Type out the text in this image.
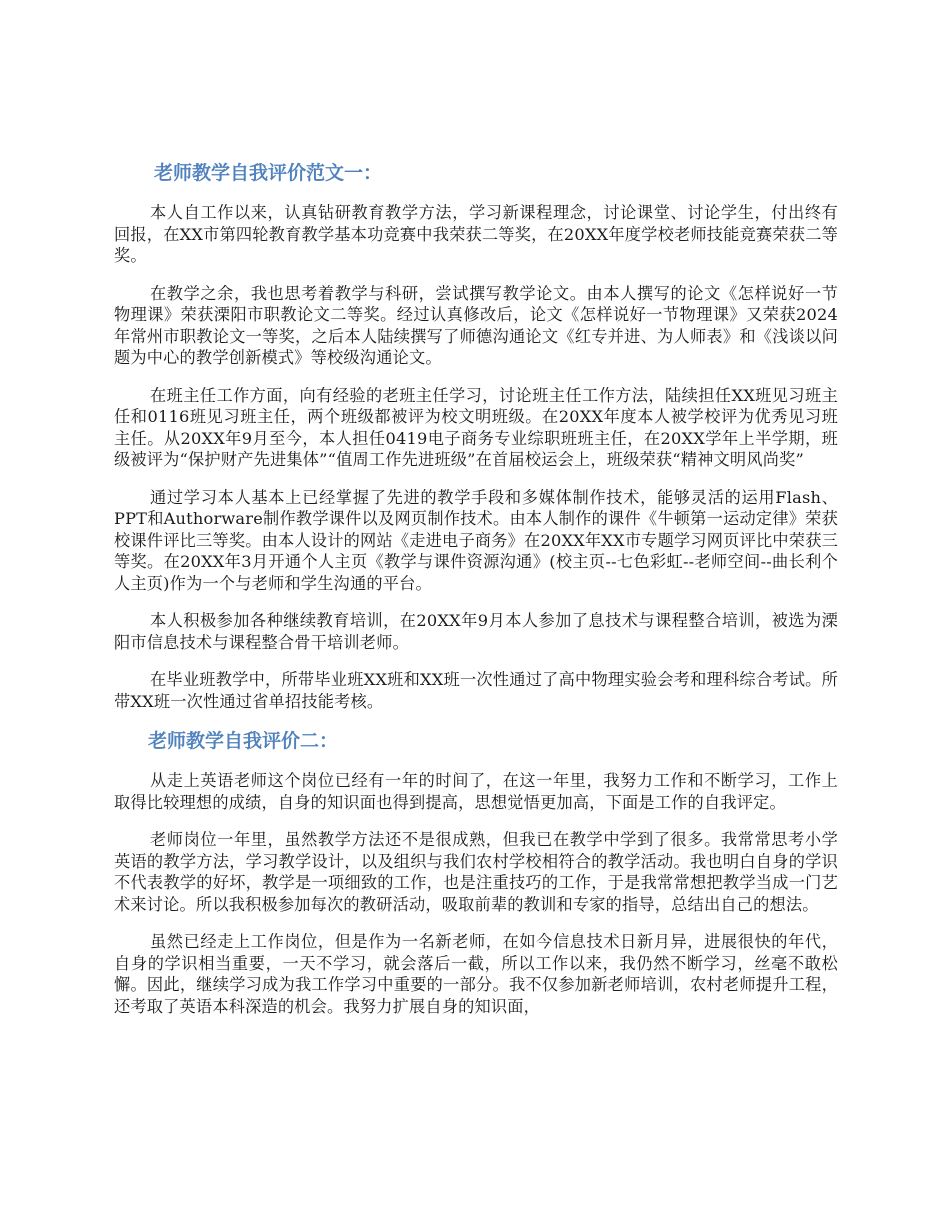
老师教学自我评价范文一：

本人自工作以来，认真钻研教育教学方法，学习新课程理念，讨论课堂、讨论学生，付出终有回报，在XX市第四轮教育教学基本功竞赛中我荣获二等奖，在20XX年度学校老师技能竞赛荣获二等奖。

在教学之余，我也思考着教学与科研，尝试撰写教学论文。由本人撰写的论文《怎样说好一节物理课》荣获溧阳市职教论文二等奖。经过认真修改后，论文《怎样说好一节物理课》又荣获2024年常州市职教论文一等奖，之后本人陆续撰写了师德沟通论文《红专并进、为人师表》和《浅谈以问题为中心的教学创新模式》等校级沟通论文。

在班主任工作方面，向有经验的老班主任学习，讨论班主任工作方法，陆续担任XX班见习班主任和0116班见习班主任，两个班级都被评为校文明班级。在20XX年度本人被学校评为优秀见习班主任。从20XX年9月至今，本人担任0419电子商务专业综职班班主任，在20XX学年上半学期，班级被评为“保护财产先进集体”“值周工作先进班级”在首届校运会上，班级荣获“精神文明风尚奖”

通过学习本人基本上已经掌握了先进的教学手段和多媒体制作技术，能够灵活的运用Flash、PPT和Authorware制作教学课件以及网页制作技术。由本人制作的课件《牛顿第一运动定律》荣获校课件评比三等奖。由本人设计的网站《走进电子商务》在20XX年XX市专题学习网页评比中荣获三等奖。在20XX年3月开通个人主页《教学与课件资源沟通》(校主页--七色彩虹--老师空间--曲长利个人主页)作为一个与老师和学生沟通的平台。

本人积极参加各种继续教育培训，在20XX年9月本人参加了息技术与课程整合培训，被选为溧阳市信息技术与课程整合骨干培训老师。

在毕业班教学中，所带毕业班XX班和XX班一次性通过了高中物理实验会考和理科综合考试。所带XX班一次性通过省单招技能考核。

老师教学自我评价二：

从走上英语老师这个岗位已经有一年的时间了，在这一年里，我努力工作和不断学习，工作上取得比较理想的成绩，自身的知识面也得到提高，思想觉悟更加高，下面是工作的自我评定。

老师岗位一年里，虽然教学方法还不是很成熟，但我已在教学中学到了很多。我常常思考小学英语的教学方法，学习教学设计，以及组织与我们农村学校相符合的教学活动。我也明白自身的学识不代表教学的好坏，教学是一项细致的工作，也是注重技巧的工作，于是我常常想把教学当成一门艺术来讨论。所以我积极参加每次的教研活动，吸取前辈的教训和专家的指导，总结出自己的想法。

虽然已经走上工作岗位，但是作为一名新老师，在如今信息技术日新月异，进展很快的年代，自身的学识相当重要，一天不学习，就会落后一截，所以工作以来，我仍然不断学习，丝毫不敢松懈。因此，继续学习成为我工作学习中重要的一部分。我不仅参加新老师培训，农村老师提升工程，还考取了英语本科深造的机会。我努力扩展自身的知识面，
